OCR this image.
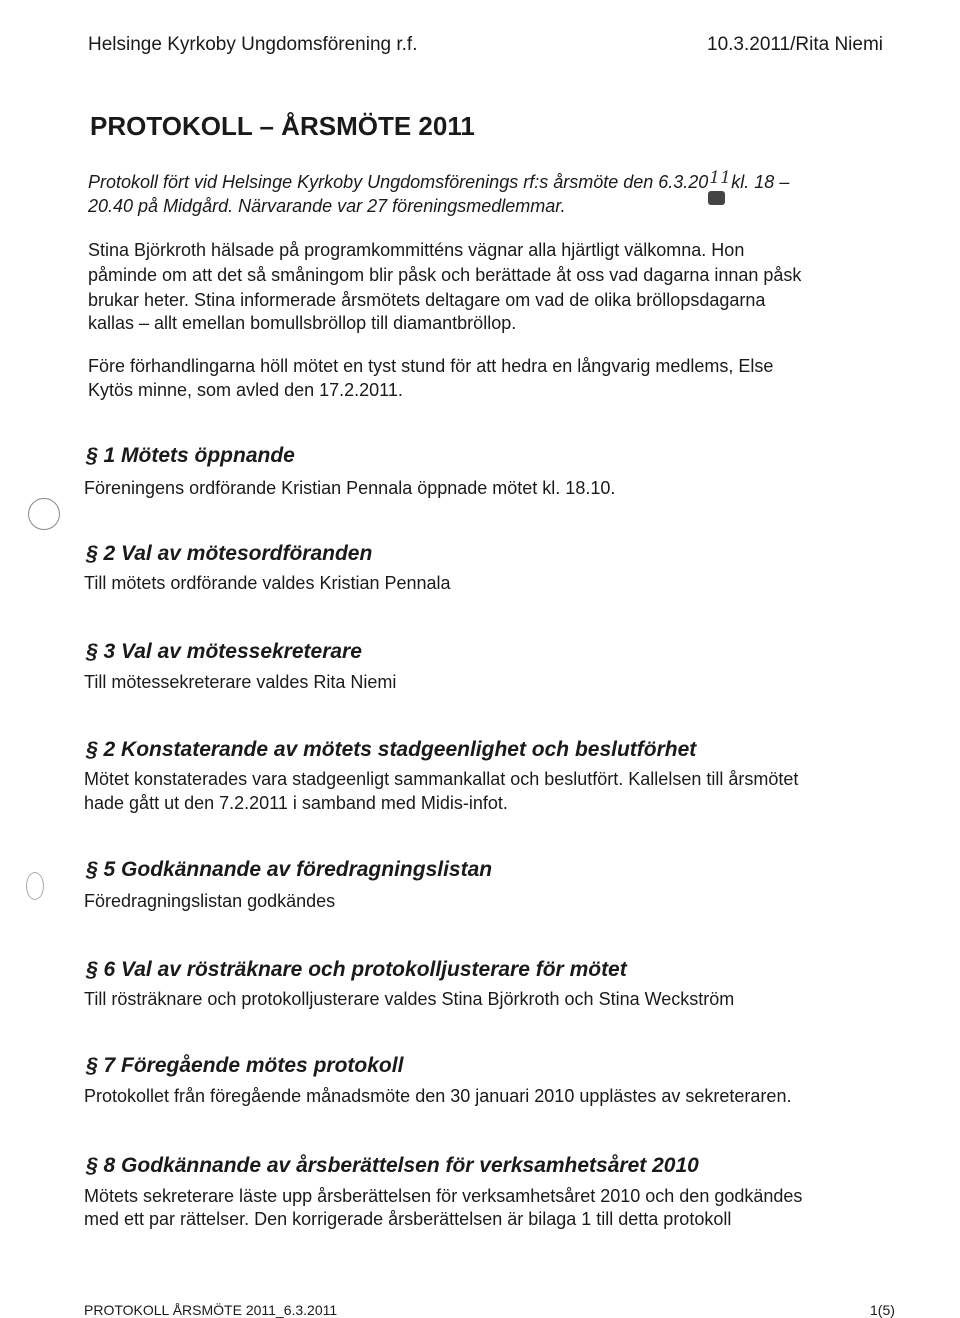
Helsinge Kyrkoby Ungdomsförening r.f.	10.3.2011/Rita Niemi
PROTOKOLL – ÅRSMÖTE 2011
Protokoll fört vid Helsinge Kyrkoby Ungdomsförenings rf:s årsmöte den 6.3.20 11
kl. 18 –
20.40 på Midgård. Närvarande var 27 föreningsmedlemmar.
Stina Björkroth hälsade på programkommitténs vägnar alla hjärtligt välkomna. Hon
påminde om att det så småningom blir påsk och berättade åt oss vad dagarna innan påsk
brukar heter. Stina informerade årsmötets deltagare om vad de olika bröllopsdagarna
kallas – allt emellan bomullsbröllop till diamantbröllop.
Före förhandlingarna höll mötet en tyst stund för att hedra en långvarig medlems, Else
Kytös minne, som avled den 17.2.2011.
§ 1 Mötets öppnande
Föreningens ordförande Kristian Pennala öppnade mötet kl. 18.10.
§ 2 Val av mötesordföranden
Till mötets ordförande valdes Kristian Pennala
§ 3 Val av mötessekreterare
Till mötessekreterare valdes Rita Niemi
§ 2 Konstaterande av mötets stadgeenlighet och beslutförhet
Mötet konstaterades vara stadgeenligt sammankallat och beslutfört. Kallelsen till årsmötet
hade gått ut den 7.2.2011 i samband med Midis-infot.
§ 5 Godkännande av föredragningslistan
Föredragningslistan godkändes
§ 6 Val av rösträknare och protokolljusterare för mötet
Till rösträknare och protokolljusterare valdes Stina Björkroth och Stina Weckström
§ 7 Föregående mötes protokoll
Protokollet från föregående månadsmöte den 30 januari 2010 upplästes av sekreteraren.
§ 8 Godkännande av årsberättelsen för verksamhetsåret 2010
Mötets sekreterare läste upp årsberättelsen för verksamhetsåret 2010 och den godkändes
med ett par rättelser. Den korrigerade årsberättelsen är bilaga 1 till detta protokoll
PROTOKOLL ÅRSMÖTE 2011_6.3.2011	1(5)
